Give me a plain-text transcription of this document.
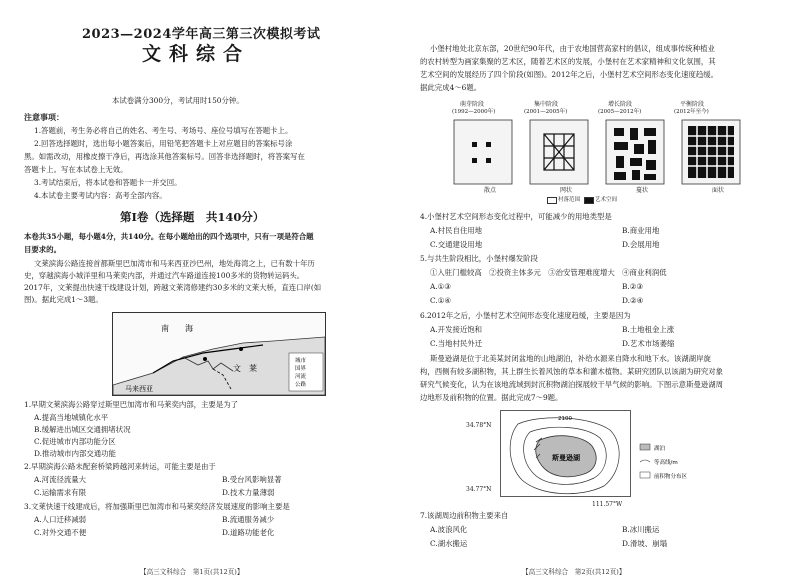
2023—2024学年高三第三次模拟考试
文科综合
本试卷满分300分，考试用时150分钟。
注意事项：
1.答题前，考生务必将自己的姓名、考生号、考场号、座位号填写在答题卡上。
2.回答选择题时，选出每小题答案后，用铅笔把答题卡上对应题目的答案标号涂
黑。如需改动，用橡皮擦干净后，再选涂其他答案标号。回答非选择题时，将答案写在
答题卡上。写在本试卷上无效。
3.考试结束后，将本试卷和答题卡一并交回。
4.本试卷主要考试内容：高考全部内容。
第Ⅰ卷（选择题　共140分）
本卷共35小题，每小题4分，共140分。在每小题给出的四个选项中，只有一项是符合题
目要求的。
文莱滨海公路连接首都斯里巴加湾市和马来西亚沙巴州，地处海湾之上，已有数十年历
史，穿越滨海小城洋里和马莱奕内部，并通过汽车路道连接100多米的货物转运码头。
2017年，文莱提出快速干线建设计划，跨越文莱湾修建约30多米的文莱大桥，直连口岸(如
图)。据此完成1～3题。
南　　海
文　莱
马来西亚
城市
国界
河流
公路
1.早期文莱滨海公路穿过斯里巴加湾市和马莱奕内部，主要是为了
A.提高当地城镇化水平
B.缓解进出城区交通拥堵状况
C.促进城市内部功能分区
D.推动城市内部交通功能
2.早期滨海公路未配套桥梁跨越河来转运，可能主要是由于
A.河流径流量大	B.受台风影响显著
C.运输需求有限	D.技术力量薄弱
3.文莱快速干线建成后，将加强斯里巴加湾市和马莱奕经济发展速度的影响主要是
A.人口迁移减弱	B.流通服务减少
C.对外交通不便	D.道路功能老化
【高三文科综合　第1页(共12页)】
小堡村地处北京东部，20世纪90年代，由于农地国营高家村的倡议，组成事传统种植业
的农村转型为画家集聚的艺术区，随着艺术区的发展，小堡村在艺术家精神和文化氛围，其
艺术空间的发展经历了四个阶段(如图)。2012年之后，小堡村艺术空间形态变化速度趋缓。
据此完成4～6题。
萌芽阶段
(1992—2000年)
集中阶段
(2001—2005年)
增长阶段
(2005—2012年)
平衡阶段
(2012年至今)
散点	网状	蔓状	面状
村落范围	艺术空间
4.小堡村艺术空间形态变化过程中，可能减少的用地类型是
A.村民自住用地	B.商业用地
C.交通建设用地	D.会展用地
5.与共生阶段相比，小堡村爆发阶段
①入驻门槛较高　②投资主体多元　③治安管理难度增大　④商业利润低
A.①③	B.②③
C.①④	D.②④
6.2012年之后，小堡村艺术空间形态变化速度趋缓，主要是因为
A.开发接近饱和	B.土地租金上涨
C.当地村民外迁	D.艺术市场萎缩
斯曼逊湖是位于北美某封闭盆地的山地湖泊，补给水源来自降水和地下水。该湖湖岸旋
构，西侧有较多湖积物，其上群生长着风蚀的草本和灌木植物。某研究团队以该湖为研究对象
研究气候变化，认为在该地流域到封沉积物湖泊探展较干旱气候的影响。下图示意斯曼逊湖周
边地形及前积物的位置。据此完成7～9题。
34.78°N
34.77°N
2100
斯曼逊湖
湖泊
等高线/m
前积物分布区
111.57°W
7.该湖周边前积物主要来自
A.波浪风化	B.冰川搬运
C.湖水搬运	D.滑坡、崩塌
【高三文科综合　第2页(共12页)】
